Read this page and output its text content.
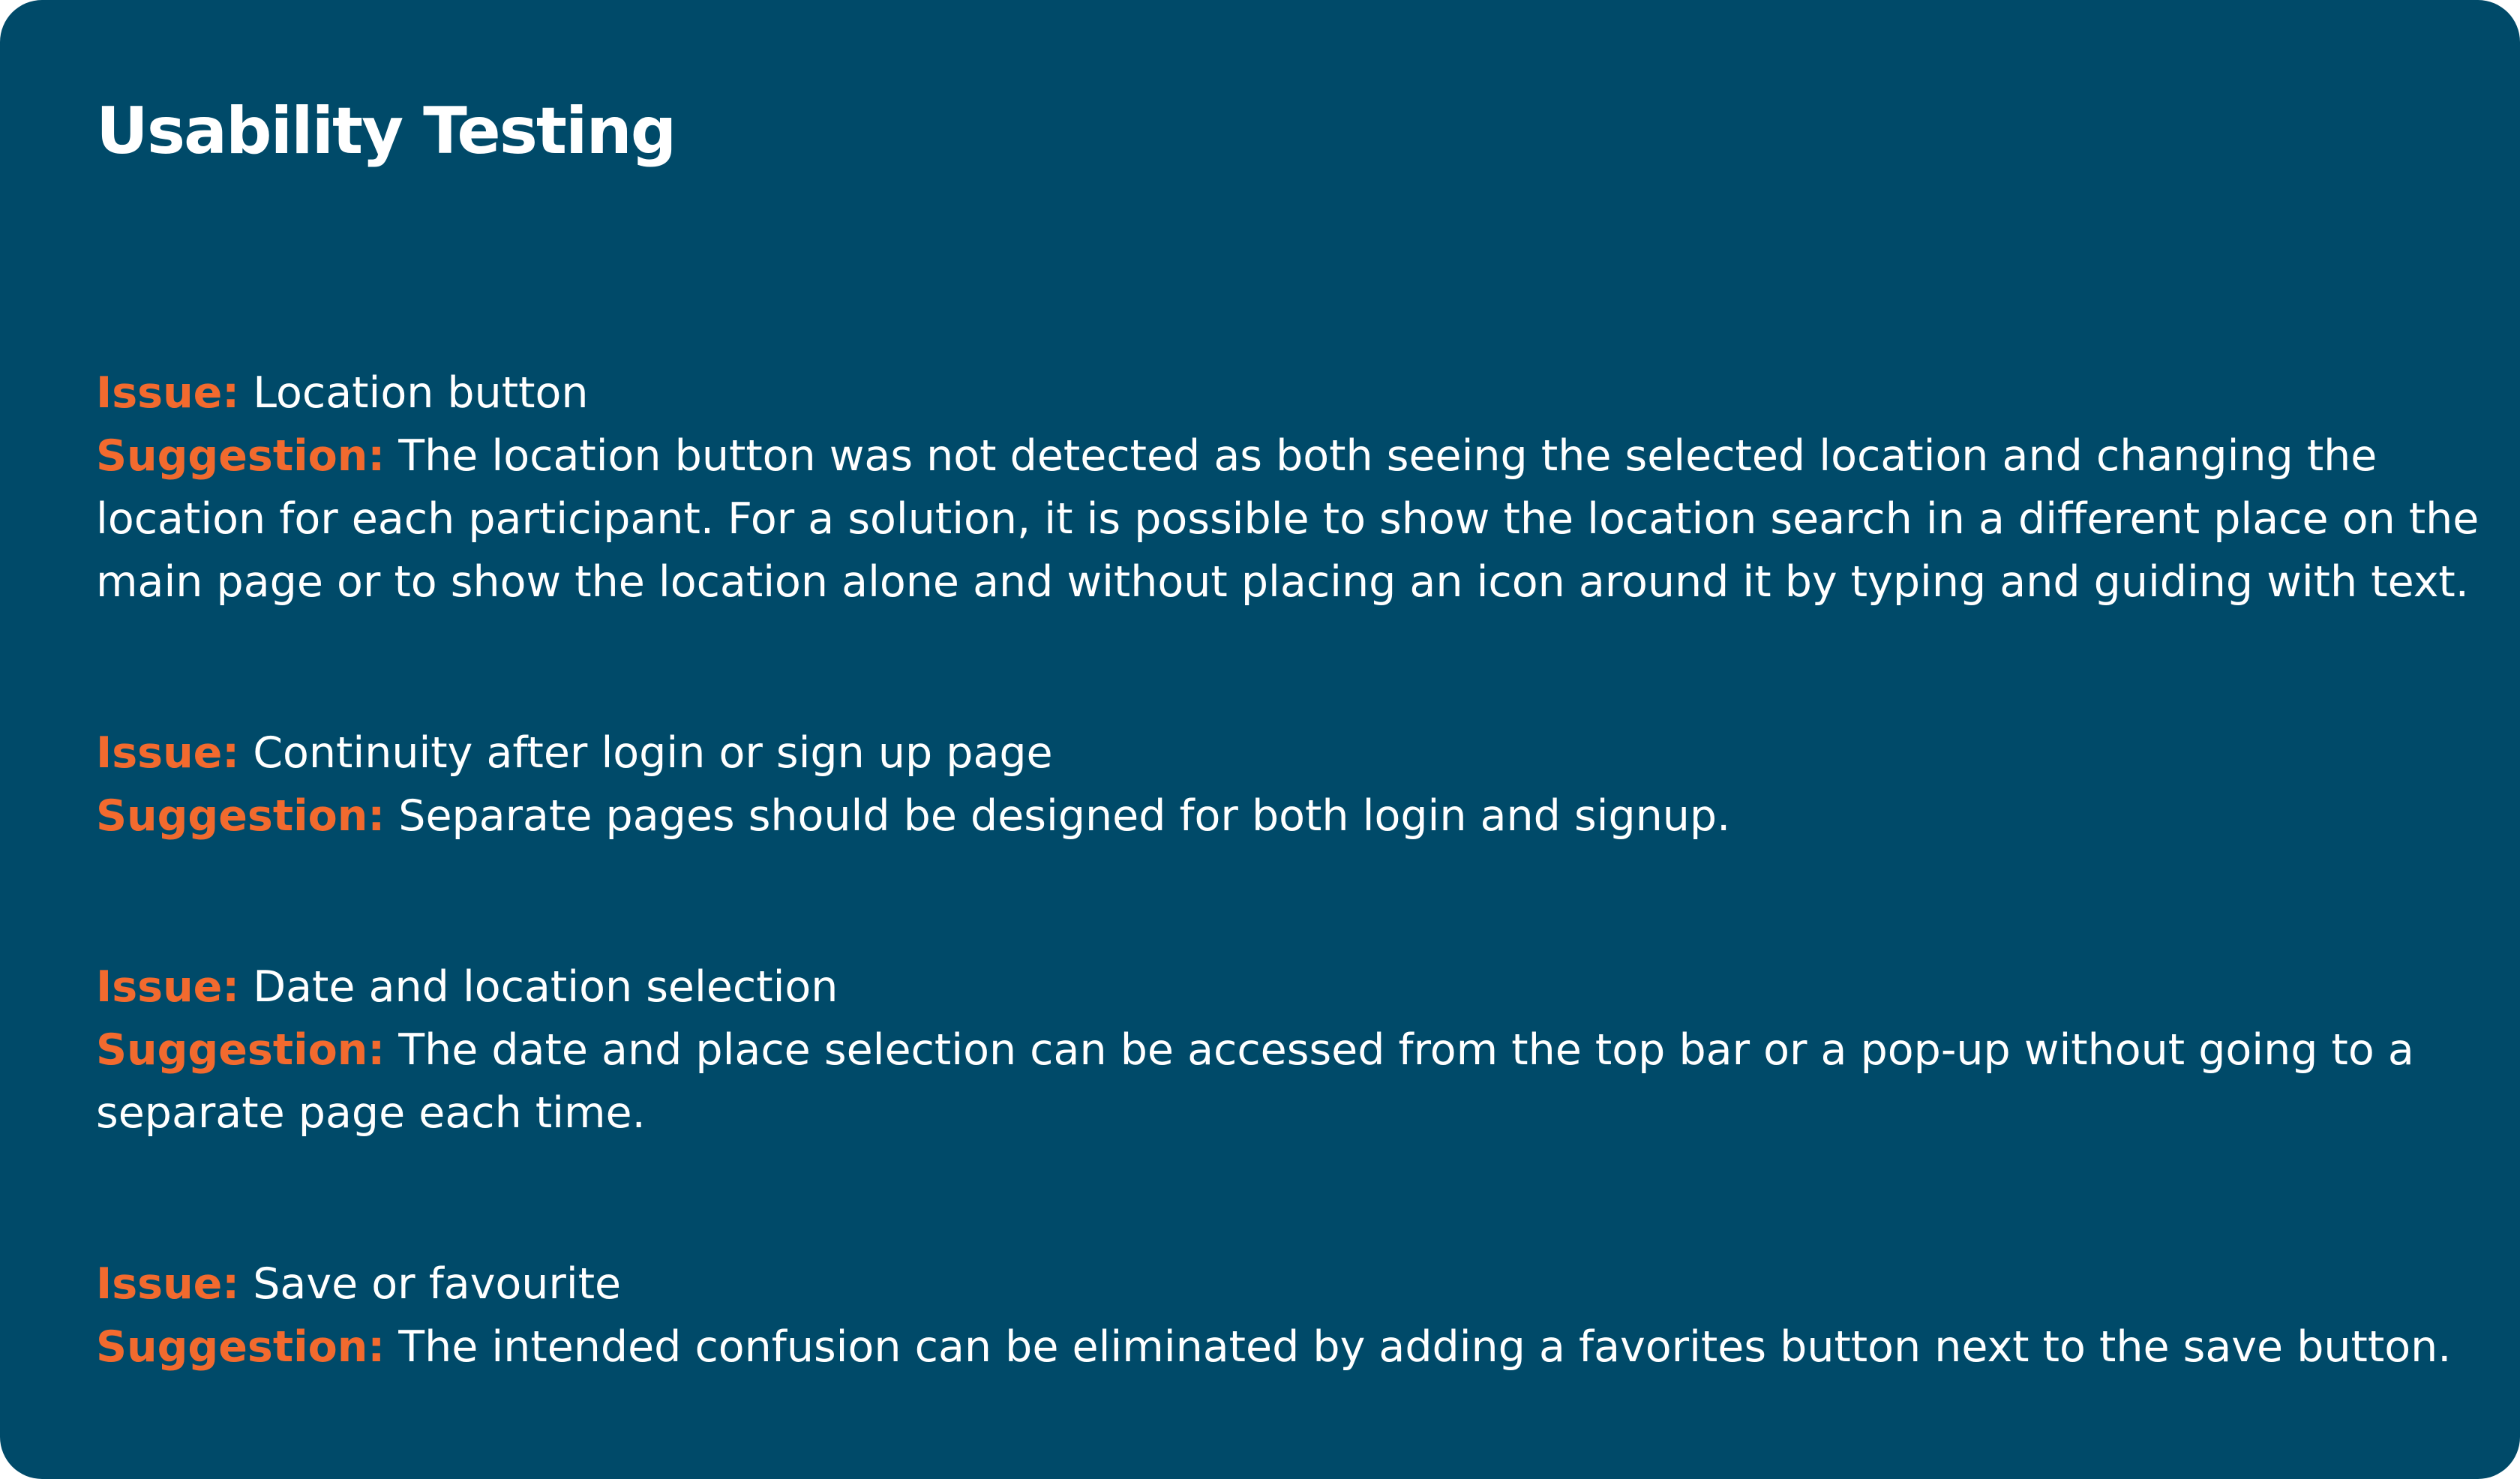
Usability Testing
Issue: Location button
Suggestion: The location button was not detected as both seeing the selected location and changing the location for each participant. For a solution, it is possible to show the location search in a different place on the main page or to show the location alone and without placing an icon around it by typing and guiding with text.
Issue: Continuity after login or sign up page
Suggestion: Separate pages should be designed for both login and signup.
Issue: Date and location selection
Suggestion: The date and place selection can be accessed from the top bar or a pop-up without going to a separate page each time.
Issue: Save or favourite
Suggestion: The intended confusion can be eliminated by adding a favorites button next to the save button.
